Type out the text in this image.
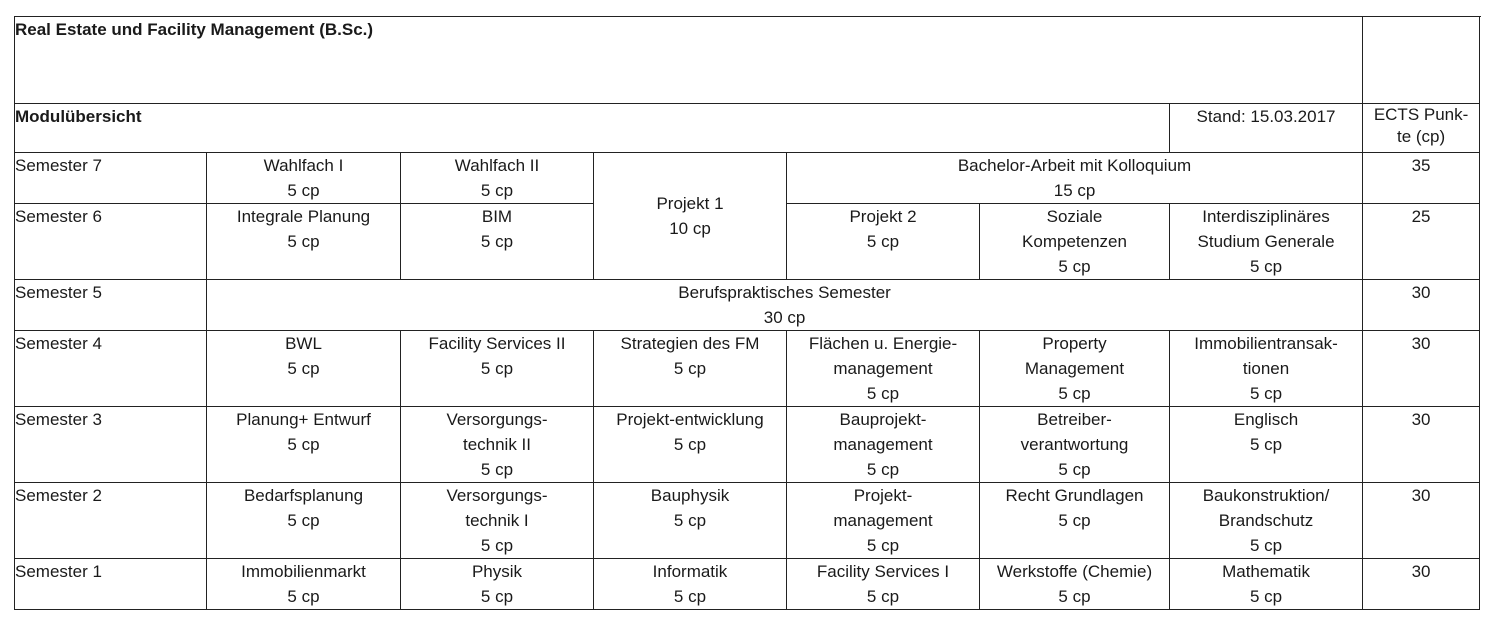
Real Estate und Facility Management (B.Sc.)							
Modulübersicht						Stand: 15.03.2017	ECTS Punk-
te (cp)

Semester 7	Wahlfach I
5 cp	Wahlfach II
5 cp	Projekt 1
10 cp	Bachelor-Arbeit mit Kolloquium
15 cp			35
Semester 6	Integrale Planung
5 cp	BIM
5 cp		Projekt 2
5 cp	Soziale
Kompetenzen
5 cp	Interdisziplinäres
Studium Generale
5 cp	25
Semester 5	Berufspraktisches Semester
30 cp						30
Semester 4	BWL
5 cp	Facility Services II
5 cp	Strategien des FM
5 cp	Flächen u. Energie-
management
5 cp	Property
Management
5 cp	Immobilientransak-
tionen
5 cp	30
Semester 3	Planung+ Entwurf
5 cp	Versorgungs-
technik II
5 cp	Projekt-entwicklung
5 cp	Bauprojekt-
management
5 cp	Betreiber-
verantwortung
5 cp	Englisch
5 cp	30
Semester 2	Bedarfsplanung
5 cp	Versorgungs-
technik I
5 cp	Bauphysik
5 cp	Projekt-
management
5 cp	Recht Grundlagen
5 cp	Baukonstruktion/
Brandschutz
5 cp	30
Semester 1	Immobilienmarkt
5 cp	Physik
5 cp	Informatik
5 cp	Facility Services I
5 cp	Werkstoffe (Chemie)
5 cp	Mathematik
5 cp	30
